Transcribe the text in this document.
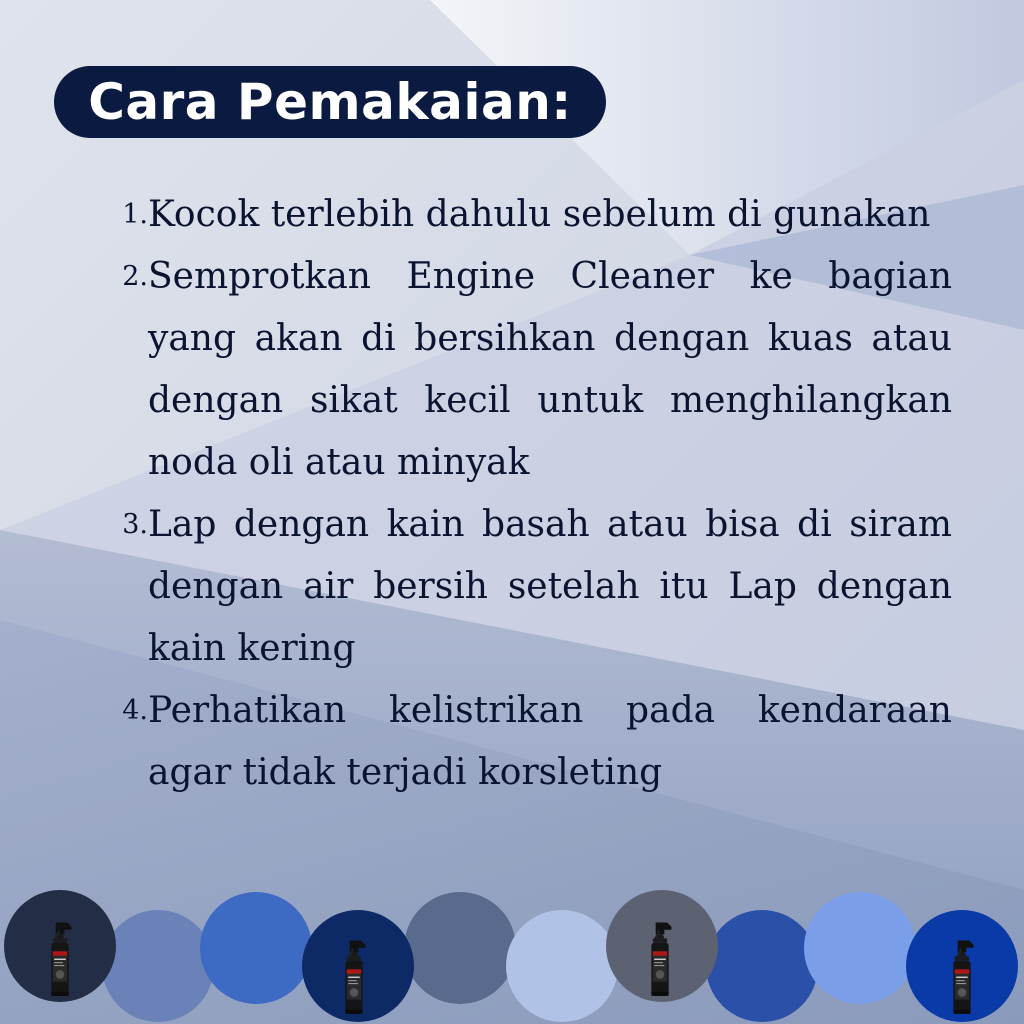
Cara Pemakaian:
1. Kocok terlebih dahulu sebelum di gunakan
2. Semprotkan Engine Cleaner ke bagian yang akan di bersihkan dengan kuas atau dengan sikat kecil untuk menghilangkan noda oli atau minyak
3. Lap dengan kain basah atau bisa di siram dengan air bersih setelah itu Lap dengan kain kering
4. Perhatikan kelistrikan pada kendaraan agar tidak terjadi korsleting
